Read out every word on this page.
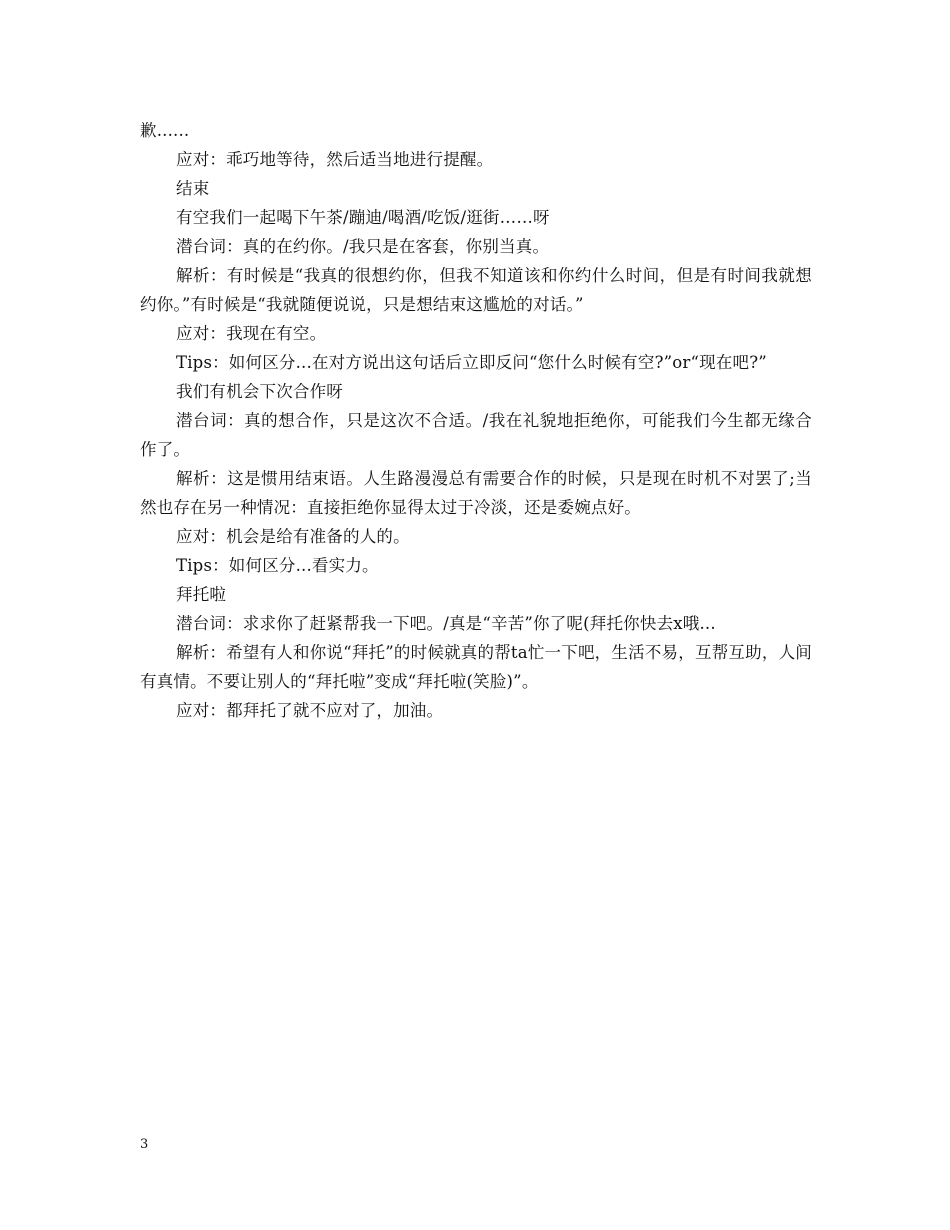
歉......

应对：乖巧地等待，然后适当地进行提醒。

结束

有空我们一起喝下午茶/蹦迪/喝酒/吃饭/逛街……呀

潜台词：真的在约你。/我只是在客套，你别当真。

解析：有时候是“我真的很想约你，但我不知道该和你约什么时间，但是有时间我就想约你。”有时候是“我就随便说说，只是想结束这尴尬的对话。”

应对：我现在有空。

Tips：如何区分...在对方说出这句话后立即反问“您什么时候有空?”or“现在吧?”

我们有机会下次合作呀

潜台词：真的想合作，只是这次不合适。/我在礼貌地拒绝你，可能我们今生都无缘合作了。

解析：这是惯用结束语。人生路漫漫总有需要合作的时候，只是现在时机不对罢了;当然也存在另一种情况：直接拒绝你显得太过于冷淡，还是委婉点好。

应对：机会是给有准备的人的。

Tips：如何区分...看实力。

拜托啦

潜台词：求求你了赶紧帮我一下吧。/真是“辛苦”你了呢(拜托你快去x哦...

解析：希望有人和你说“拜托”的时候就真的帮ta忙一下吧，生活不易，互帮互助，人间有真情。不要让别人的“拜托啦”变成“拜托啦(笑脸)”。

应对：都拜托了就不应对了，加油。

3
